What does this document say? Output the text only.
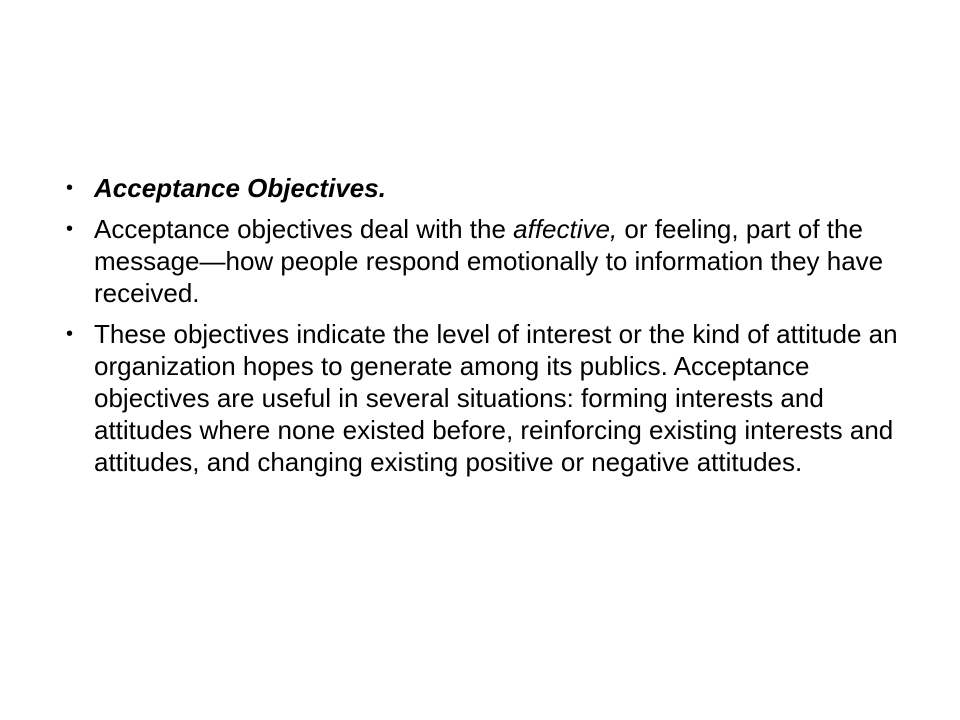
• Acceptance Objectives.
• Acceptance objectives deal with the affective, or feeling, part of the message—how people respond emotionally to information they have received.
• These objectives indicate the level of interest or the kind of attitude an organization hopes to generate among its publics. Acceptance objectives are useful in several situations: forming interests and attitudes where none existed before, reinforcing existing interests and attitudes, and changing existing positive or negative attitudes.
